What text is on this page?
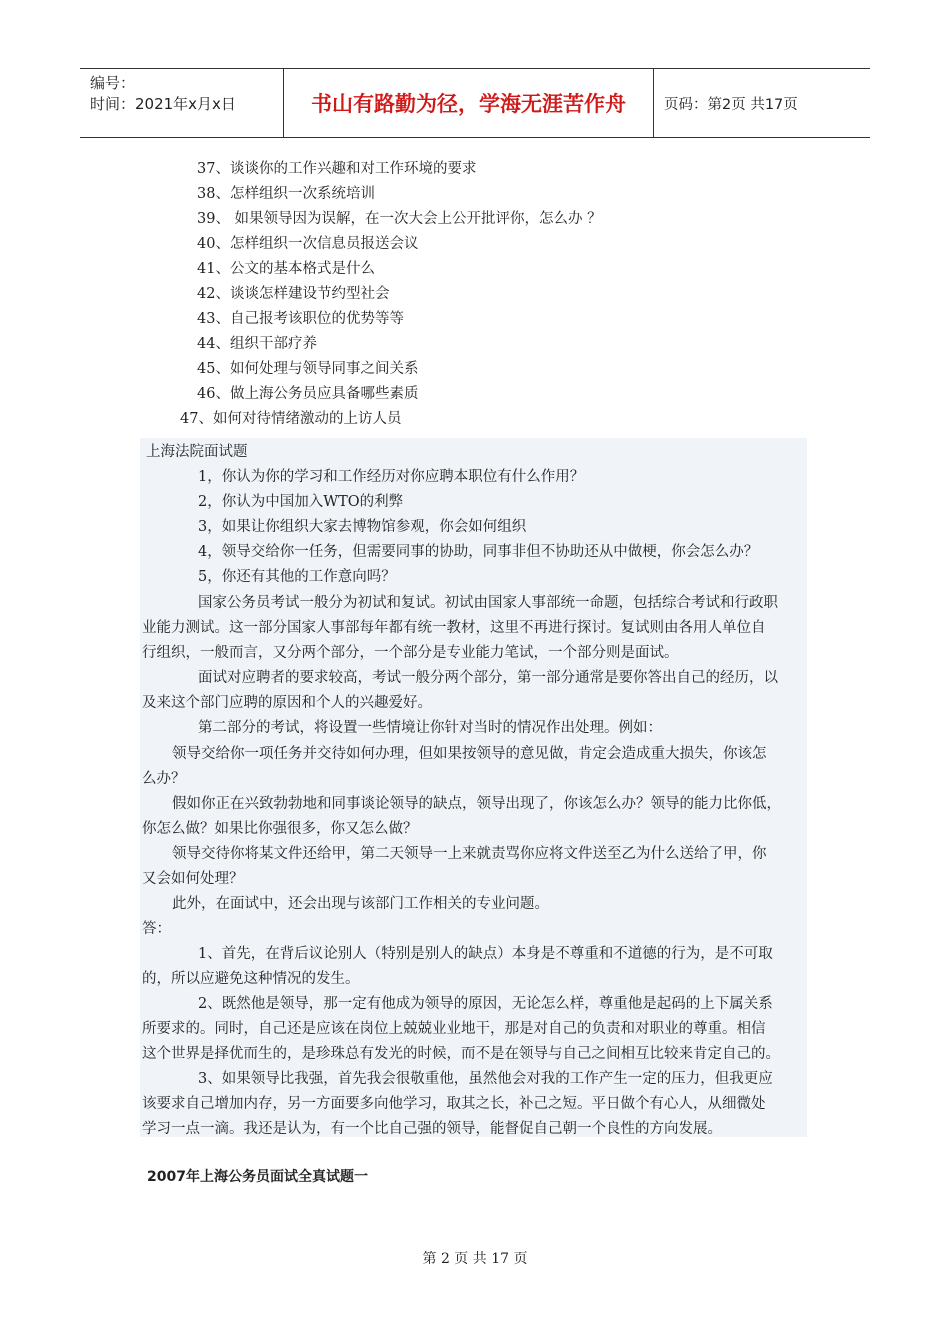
编号：
时间：2021年x月x日	书山有路勤为径，学海无涯苦作舟	页码：第2页 共17页
37、谈谈你的工作兴趣和对工作环境的要求
38、怎样组织一次系统培训
39、 如果领导因为误解，在一次大会上公开批评你，怎么办 ？
40、怎样组织一次信息员报送会议
41、公文的基本格式是什么
42、谈谈怎样建设节约型社会
43、自己报考该职位的优势等等
44、组织干部疗养
45、如何处理与领导同事之间关系
46、做上海公务员应具备哪些素质
47、如何对待情绪激动的上访人员
上海法院面试题
1，你认为你的学习和工作经历对你应聘本职位有什么作用？
2，你认为中国加入WTO的利弊
3，如果让你组织大家去博物馆参观，你会如何组织
4，领导交给你一任务，但需要同事的协助，同事非但不协助还从中做梗，你会怎么办？
5，你还有其他的工作意向吗？
国家公务员考试一般分为初试和复试。初试由国家人事部统一命题，包括综合考试和行政职
业能力测试。这一部分国家人事部每年都有统一教材，这里不再进行探讨。复试则由各用人单位自
行组织，一般而言，又分两个部分，一个部分是专业能力笔试，一个部分则是面试。
面试对应聘者的要求较高，考试一般分两个部分，第一部分通常是要你答出自己的经历，以
及来这个部门应聘的原因和个人的兴趣爱好。
第二部分的考试，将设置一些情境让你针对当时的情况作出处理。例如：
领导交给你一项任务并交待如何办理，但如果按领导的意见做，肯定会造成重大损失，你该怎
么办？
假如你正在兴致勃勃地和同事谈论领导的缺点，领导出现了，你该怎么办？领导的能力比你低，
你怎么做？如果比你强很多，你又怎么做？
领导交待你将某文件还给甲，第二天领导一上来就责骂你应将文件送至乙为什么送给了甲，你
又会如何处理？
此外，在面试中，还会出现与该部门工作相关的专业问题。
答：
1、首先，在背后议论别人（特别是别人的缺点）本身是不尊重和不道德的行为，是不可取
的，所以应避免这种情况的发生。
2、既然他是领导，那一定有他成为领导的原因，无论怎么样，尊重他是起码的上下属关系
所要求的。同时，自己还是应该在岗位上兢兢业业地干，那是对自己的负责和对职业的尊重。相信
这个世界是择优而生的，是珍珠总有发光的时候，而不是在领导与自己之间相互比较来肯定自己的。
3、如果领导比我强，首先我会很敬重他，虽然他会对我的工作产生一定的压力，但我更应
该要求自己增加内存，另一方面要多向他学习，取其之长，补己之短。平日做个有心人，从细微处
学习一点一滴。我还是认为，有一个比自己强的领导，能督促自己朝一个良性的方向发展。
2007年上海公务员面试全真试题一
第 2 页 共 17 页
